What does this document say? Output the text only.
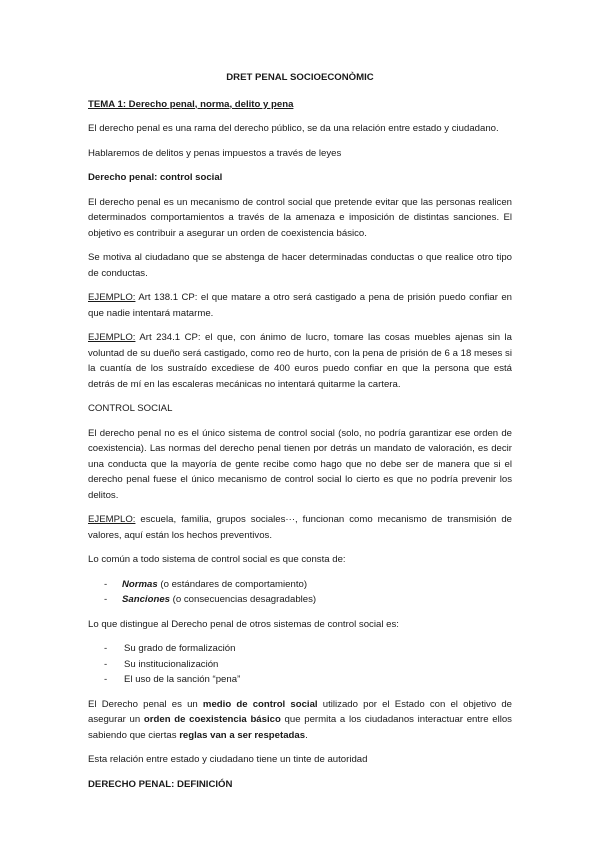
DRET PENAL SOCIOECONÒMIC

TEMA 1: Derecho penal, norma, delito y pena

El derecho penal es una rama del derecho público, se da una relación entre estado y ciudadano.

Hablaremos de delitos y penas impuestos a través de leyes

Derecho penal: control social

El derecho penal es un mecanismo de control social que pretende evitar que las personas realicen determinados comportamientos a través de la amenaza e imposición de distintas sanciones. El objetivo es contribuir a asegurar un orden de coexistencia básico.

Se motiva al ciudadano que se abstenga de hacer determinadas conductas o que realice otro tipo de conductas.

EJEMPLO: Art 138.1 CP: el que matare a otro será castigado a pena de prisión puedo confiar en que nadie intentará matarme.

EJEMPLO: Art 234.1 CP: el que, con ánimo de lucro, tomare las cosas muebles ajenas sin la voluntad de su dueño será castigado, como reo de hurto, con la pena de prisión de 6 a 18 meses si la cuantía de los sustraído excediese de 400 euros puedo confiar en que la persona que está detrás de mí en las escaleras mecánicas no intentará quitarme la cartera.

CONTROL SOCIAL

El derecho penal no es el único sistema de control social (solo, no podría garantizar ese orden de coexistencia). Las normas del derecho penal tienen por detrás un mandato de valoración, es decir una conducta que la mayoría de gente recibe como hago que no debe ser de manera que si el derecho penal fuese el único mecanismo de control social lo cierto es que no podría prevenir los delitos.

EJEMPLO: escuela, familia, grupos sociales···, funcionan como mecanismo de transmisión de valores, aquí están los hechos preventivos.

Lo común a todo sistema de control social es que consta de:

- Normas (o estándares de comportamiento)
- Sanciones (o consecuencias desagradables)

Lo que distingue al Derecho penal de otros sistemas de control social es:

- Su grado de formalización
- Su institucionalización
- El uso de la sanción “pena”

El Derecho penal es un medio de control social utilizado por el Estado con el objetivo de asegurar un orden de coexistencia básico que permita a los ciudadanos interactuar entre ellos sabiendo que ciertas reglas van a ser respetadas.

Esta relación entre estado y ciudadano tiene un tinte de autoridad

DERECHO PENAL: DEFINICIÓN
